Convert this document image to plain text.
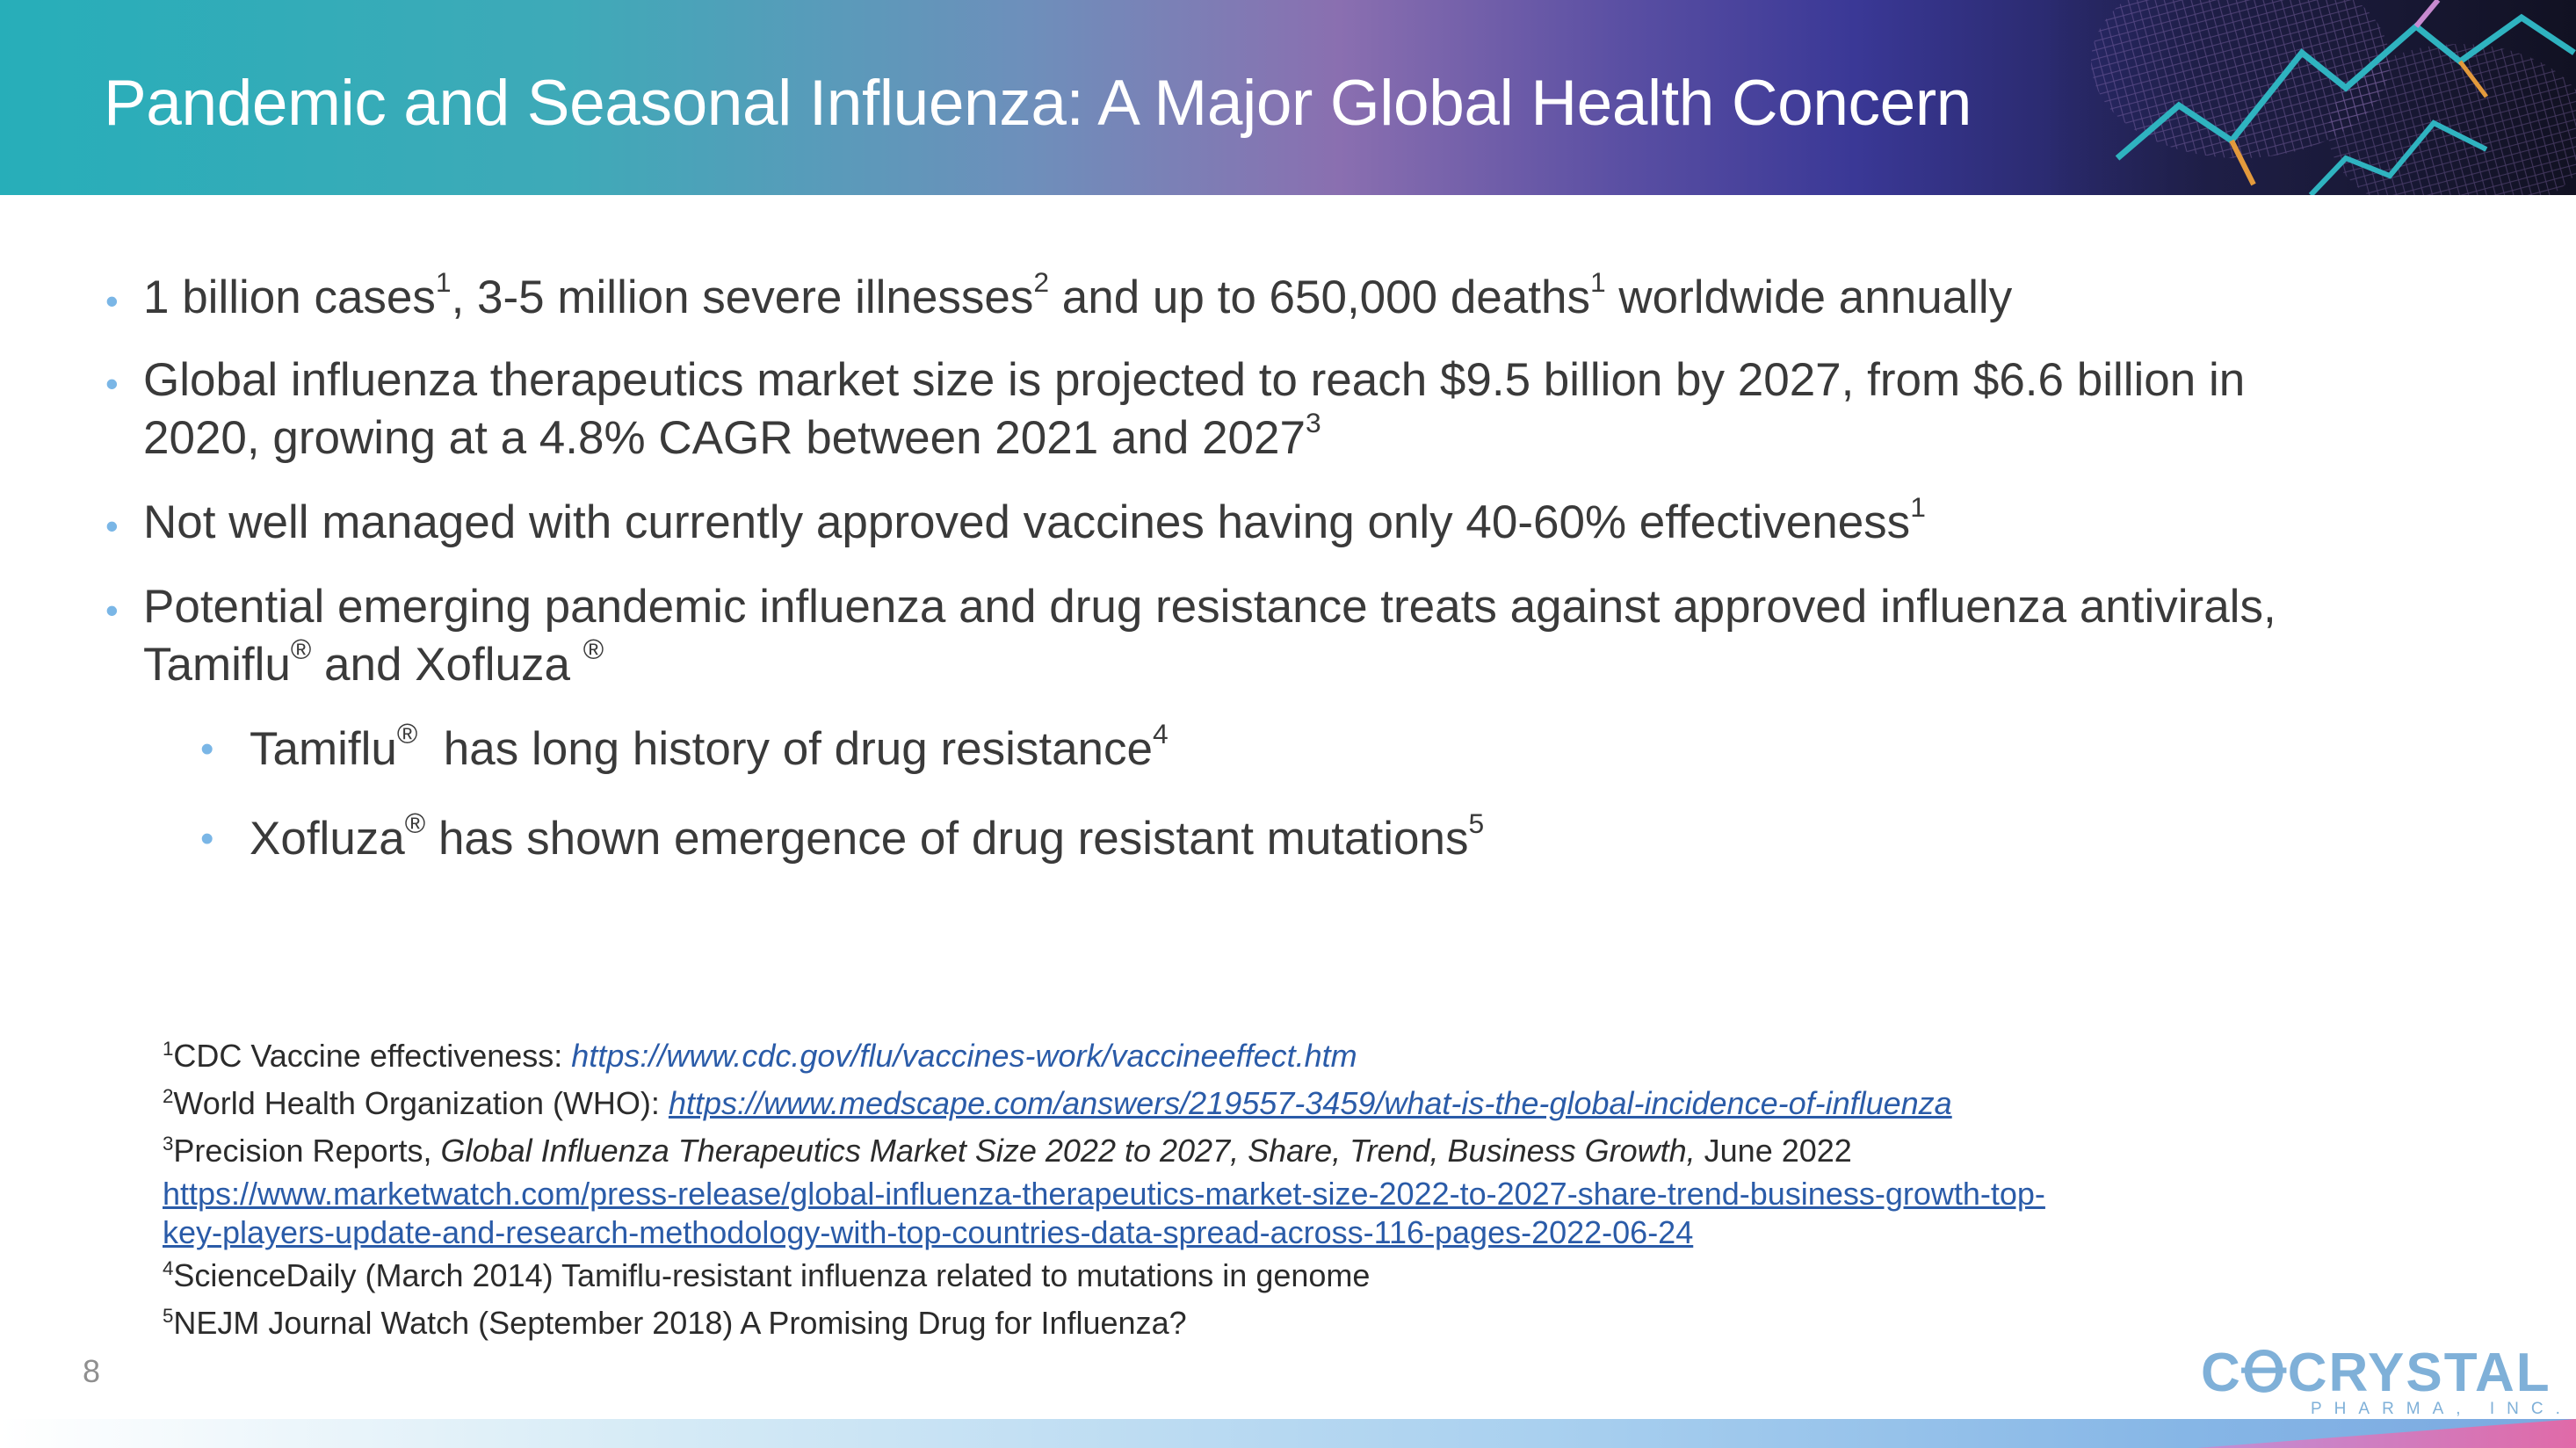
Pandemic and Seasonal Influenza: A Major Global Health Concern
• 1 billion cases$^1$, 3-5 million severe illnesses$^2$ and up to 650,000 deaths$^1$ worldwide annually
• Global influenza therapeutics market size is projected to reach $9.5 billion by 2027, from $6.6 billion in
2020, growing at a 4.8% CAGR between 2021 and 2027$^3$
• Not well managed with currently approved vaccines having only 40-60% effectiveness$^1$
• Potential emerging pandemic influenza and drug resistance treats against approved influenza antivirals,
Tamiflu® and Xofluza ®
• Tamiflu®  has long history of drug resistance$^4$
• Xofluza® has shown emergence of drug resistant mutations$^5$
$^1$CDC Vaccine effectiveness: https://www.cdc.gov/flu/vaccines-work/vaccineeffect.htm
$^2$World Health Organization (WHO): https://www.medscape.com/answers/219557-3459/what-is-the-global-incidence-of-influenza
$^3$Precision Reports, Global Influenza Therapeutics Market Size 2022 to 2027, Share, Trend, Business Growth, June 2022
https://www.marketwatch.com/press-release/global-influenza-therapeutics-market-size-2022-to-2027-share-trend-business-growth-top-
key-players-update-and-research-methodology-with-top-countries-data-spread-across-116-pages-2022-06-24
$^4$ScienceDaily (March 2014) Tamiflu-resistant influenza related to mutations in genome
$^5$NEJM Journal Watch (September 2018) A Promising Drug for Influenza?
8	CꝊCRYSTAL
PHARMA, INC.
